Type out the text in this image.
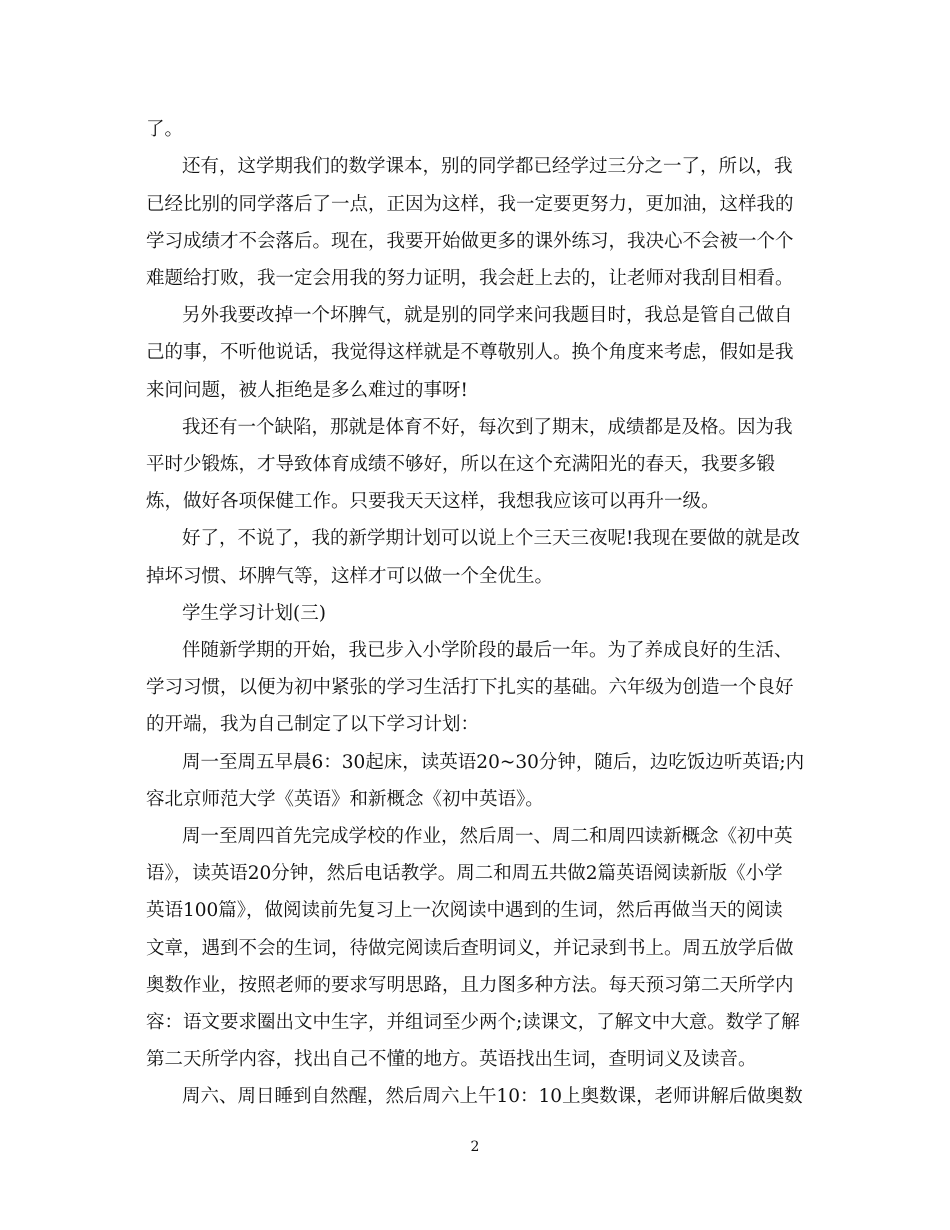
了。
还有，这学期我们的数学课本，别的同学都已经学过三分之一了，所以，我
已经比别的同学落后了一点，正因为这样，我一定要更努力，更加油，这样我的
学习成绩才不会落后。现在，我要开始做更多的课外练习，我决心不会被一个个
难题给打败，我一定会用我的努力证明，我会赶上去的，让老师对我刮目相看。
另外我要改掉一个坏脾气，就是别的同学来问我题目时，我总是管自己做自
己的事，不听他说话，我觉得这样就是不尊敬别人。换个角度来考虑，假如是我
来问问题，被人拒绝是多么难过的事呀!
我还有一个缺陷，那就是体育不好，每次到了期末，成绩都是及格。因为我
平时少锻炼，才导致体育成绩不够好，所以在这个充满阳光的春天，我要多锻
炼，做好各项保健工作。只要我天天这样，我想我应该可以再升一级。
好了，不说了，我的新学期计划可以说上个三天三夜呢!我现在要做的就是改
掉坏习惯、坏脾气等，这样才可以做一个全优生。
学生学习计划(三)
伴随新学期的开始，我已步入小学阶段的最后一年。为了养成良好的生活、
学习习惯，以便为初中紧张的学习生活打下扎实的基础。六年级为创造一个良好
的开端，我为自己制定了以下学习计划：
周一至周五早晨6：30起床，读英语20~30分钟，随后，边吃饭边听英语;内
容北京师范大学《英语》和新概念《初中英语》。
周一至周四首先完成学校的作业，然后周一、周二和周四读新概念《初中英
语》，读英语20分钟，然后电话教学。周二和周五共做2篇英语阅读新版《小学
英语100篇》，做阅读前先复习上一次阅读中遇到的生词，然后再做当天的阅读
文章，遇到不会的生词，待做完阅读后查明词义，并记录到书上。周五放学后做
奥数作业，按照老师的要求写明思路，且力图多种方法。每天预习第二天所学内
容：语文要求圈出文中生字，并组词至少两个;读课文，了解文中大意。数学了解
第二天所学内容，找出自己不懂的地方。英语找出生词，查明词义及读音。
周六、周日睡到自然醒，然后周六上午10：10上奥数课，老师讲解后做奥数
2
